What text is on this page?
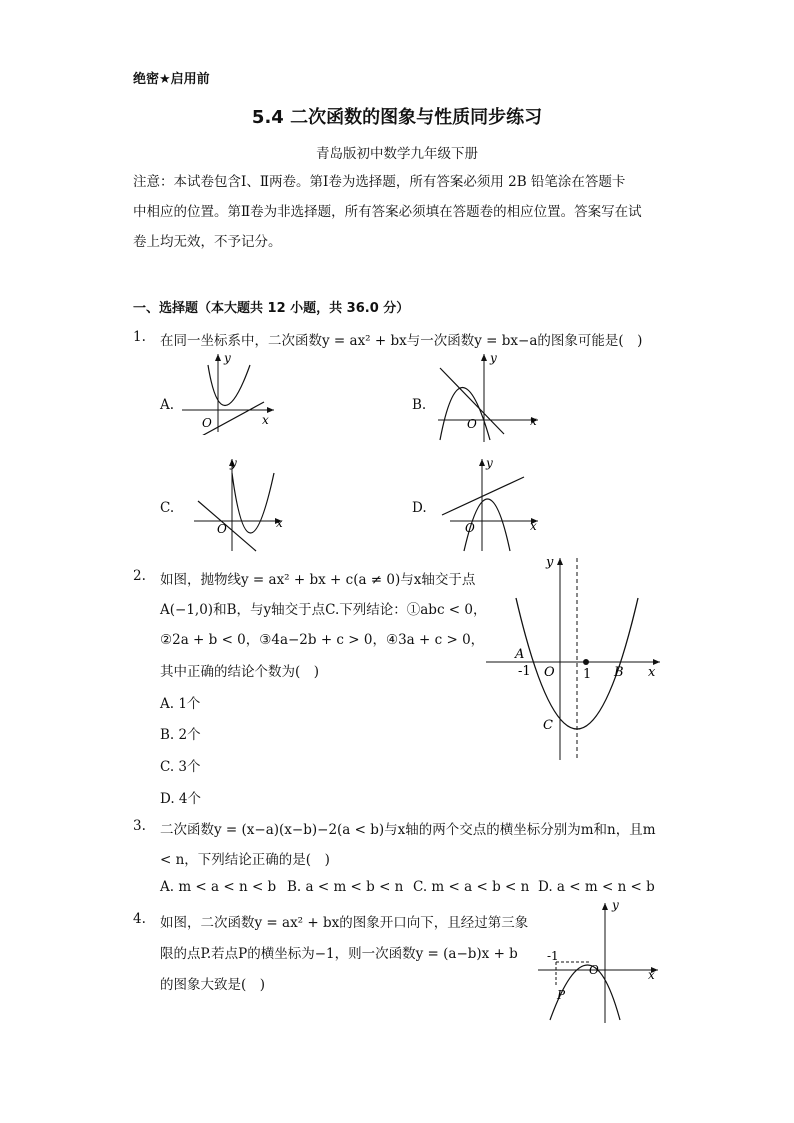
绝密★启用前
5.4 二次函数的图象与性质同步练习
青岛版初中数学九年级下册
注意：本试卷包含Ⅰ、Ⅱ两卷。第Ⅰ卷为选择题，所有答案必须用 2B 铅笔涂在答题卡
中相应的位置。第Ⅱ卷为非选择题，所有答案必须填在答题卷的相应位置。答案写在试
卷上均无效，不予记分。
一、选择题（本大题共 12 小题，共 36.0 分）
1. 在同一坐标系中，二次函数y = ax² + bx与一次函数y = bx−a的图象可能是(　)
A.
y
x
O
B.
y
x
O
C.
y
x
O
D.
y
x
O
2. 如图，抛物线y = ax² + bx + c(a ≠ 0)与x轴交于点
A(−1,0)和B，与y轴交于点C.下列结论：①abc < 0，
②2a + b < 0，③4a−2b + c > 0，④3a + c > 0，
其中正确的结论个数为(　)
A. 1个
B. 2个
C. 3个
D. 4个
y
x
A
-1 O 1 B
C
3. 二次函数y = (x−a)(x−b)−2(a < b)与x轴的两个交点的横坐标分别为m和n，且m
< n，下列结论正确的是(　)
A. m < a < n < b B. a < m < b < n C. m < a < b < n D. a < m < n < b
4. 如图，二次函数y = ax² + bx的图象开口向下，且经过第三象
限的点P.若点P的横坐标为−1，则一次函数y = (a−b)x + b
的图象大致是(　)
y
x
O
-1
P
